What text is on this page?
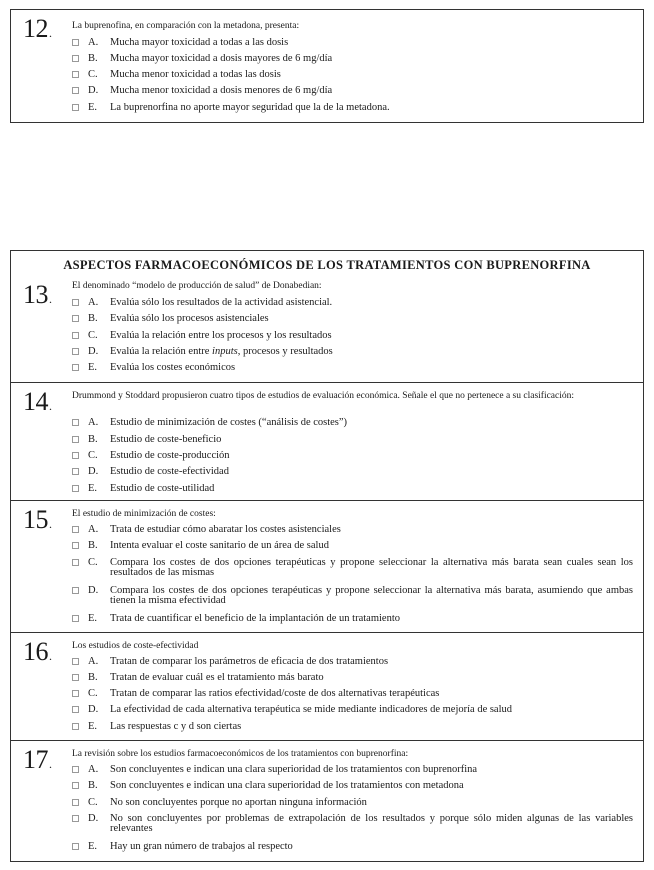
12. La buprenofina, en comparación con la metadona, presenta:
A. Mucha mayor toxicidad a todas a las dosis
B. Mucha mayor toxicidad a dosis mayores de 6 mg/día
C. Mucha menor toxicidad a todas las dosis
D. Mucha menor toxicidad a dosis menores de 6 mg/día
E. La buprenorfina no aporte mayor seguridad que la de la metadona.
ASPECTOS FARMACOECONÓMICOS DE LOS TRATAMIENTOS CON BUPRENORFINA
13.
El denominado “modelo de producción de salud” de Donabedian:
A. Evalúa sólo los resultados de la actividad asistencial.
B. Evalúa sólo los procesos asistenciales
C. Evalúa la relación entre los procesos y los resultados
D. Evalúa la relación entre inputs, procesos y resultados
E. Evalúa los costes económicos
14.
Drummond y Stoddard propusieron cuatro tipos de estudios de evaluación económica. Señale el que no pertenece a su clasificación:
A. Estudio de minimización de costes (“análisis de costes”)
B. Estudio de coste-beneficio
C. Estudio de coste-producción
D. Estudio de coste-efectividad
E. Estudio de coste-utilidad
15.
El estudio de minimización de costes:
A. Trata de estudiar cómo abaratar los costes asistenciales
B. Intenta evaluar el coste sanitario de un área de salud
C. Compara los costes de dos opciones terapéuticas y propone seleccionar la alternativa más barata sean cuales sean los resultados de las mismas
D. Compara los costes de dos opciones terapéuticas y propone seleccionar la alternativa más barata, asumiendo que ambas tienen la misma efectividad
E. Trata de cuantificar el beneficio de la implantación de un tratamiento
16.
Los estudios de coste-efectividad
A. Tratan de comparar los parámetros de eficacia de dos tratamientos
B. Tratan de evaluar cuál es el tratamiento más barato
C. Tratan de comparar las ratios efectividad/coste de dos alternativas terapéuticas
D. La efectividad de cada alternativa terapéutica se mide mediante indicadores de mejoría de salud
E. Las respuestas c y d son ciertas
17.
La revisión sobre los estudios farmacoeconómicos de los tratamientos con buprenorfina:
A. Son concluyentes e indican una clara superioridad de los tratamientos con buprenorfina
B. Son concluyentes e indican una clara superioridad de los tratamientos con metadona
C. No son concluyentes porque no aportan ninguna información
D. No son concluyentes por problemas de extrapolación de los resultados y porque sólo miden algunas de las variables relevantes
E. Hay un gran número de trabajos al respecto
